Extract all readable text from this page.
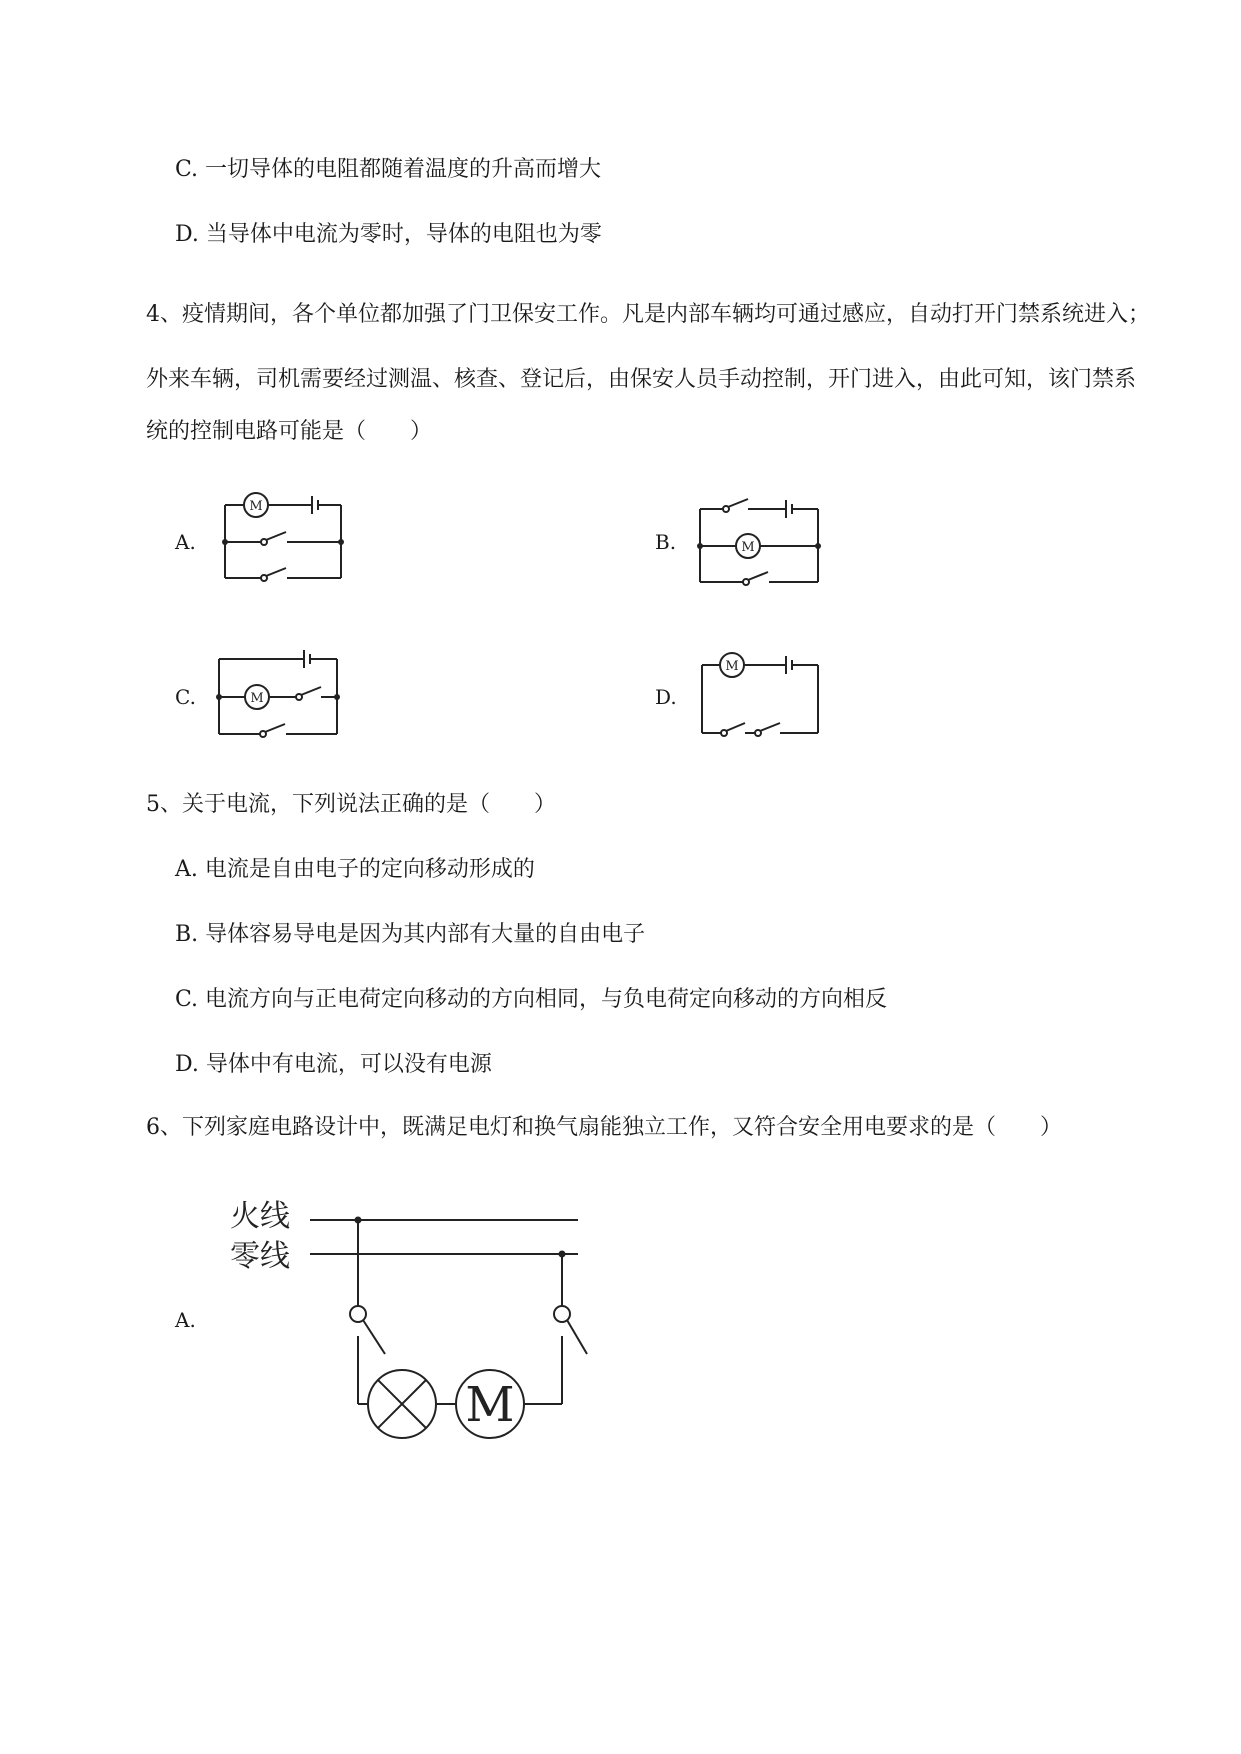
C. 一切导体的电阻都随着温度的升高而增大
D. 当导体中电流为零时，导体的电阻也为零
4、疫情期间，各个单位都加强了门卫保安工作。凡是内部车辆均可通过感应，自动打开门禁系统进入；
外来车辆，司机需要经过测温、核查、登记后，由保安人员手动控制，开门进入，由此可知，该门禁系
统的控制电路可能是（　　）
A.
M
B.	M
C.	M	D.
M
5、关于电流，下列说法正确的是（　　）
A. 电流是自由电子的定向移动形成的
B. 导体容易导电是因为其内部有大量的自由电子
C. 电流方向与正电荷定向移动的方向相同，与负电荷定向移动的方向相反
D. 导体中有电流，可以没有电源
6、下列家庭电路设计中，既满足电灯和换气扇能独立工作，又符合安全用电要求的是（　　）
A.
火线
零线
M
